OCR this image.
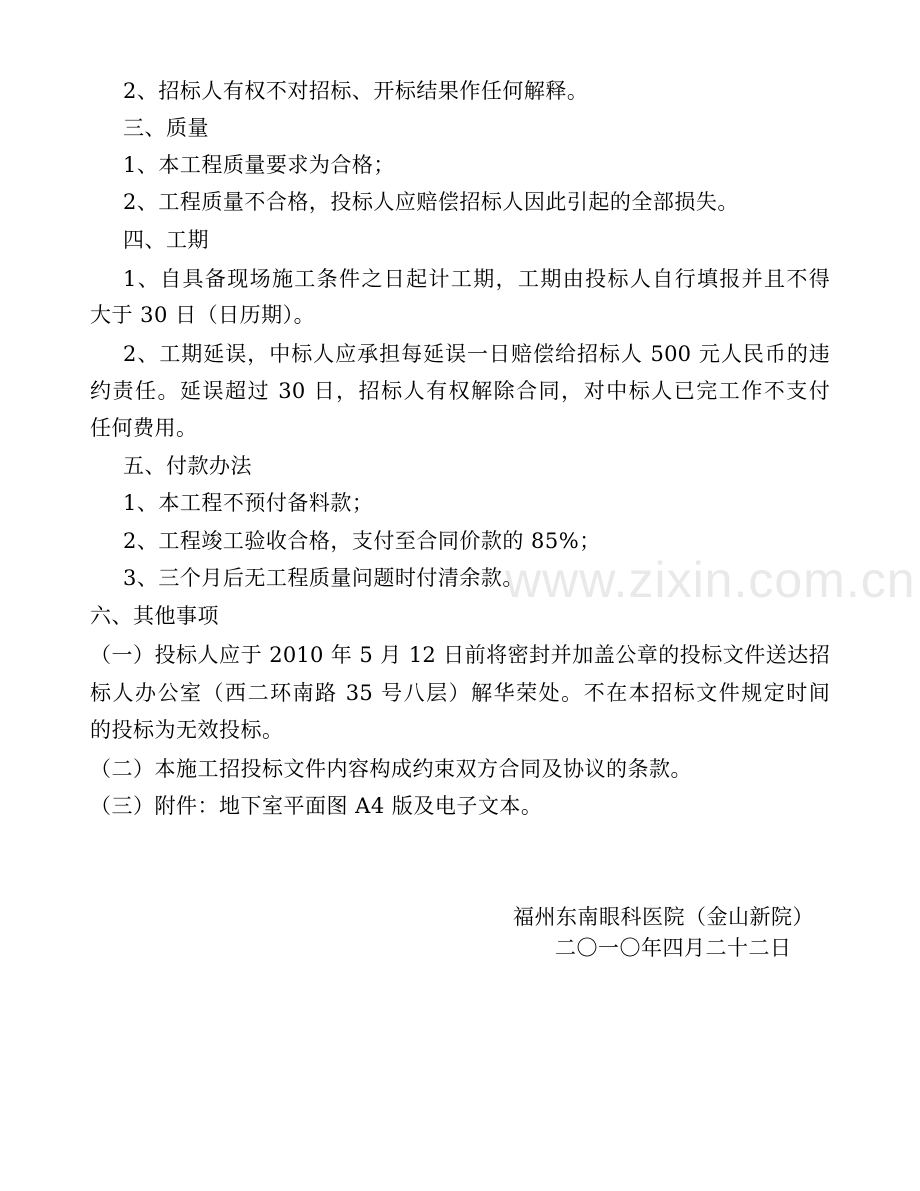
www.zixin.com.cn
2、招标人有权不对招标、开标结果作任何解释。
三、质量
1、本工程质量要求为合格；
2、工程质量不合格，投标人应赔偿招标人因此引起的全部损失。
四、工期
1、自具备现场施工条件之日起计工期，工期由投标人自行填报并且不得
大于 30 日（日历期）。
2、工期延误，中标人应承担每延误一日赔偿给招标人 500 元人民币的违
约责任。延误超过 30 日，招标人有权解除合同，对中标人已完工作不支付
任何费用。
五、付款办法
1、本工程不预付备料款；
2、工程竣工验收合格，支付至合同价款的 85%；
3、三个月后无工程质量问题时付清余款。
六、其他事项
（一）投标人应于 2010 年 5 月 12 日前将密封并加盖公章的投标文件送达招
标人办公室（西二环南路 35 号八层）解华荣处。不在本招标文件规定时间
的投标为无效投标。
（二）本施工招投标文件内容构成约束双方合同及协议的条款。
（三）附件：地下室平面图 A4 版及电子文本。
福州东南眼科医院（金山新院）
二〇一〇年四月二十二日
